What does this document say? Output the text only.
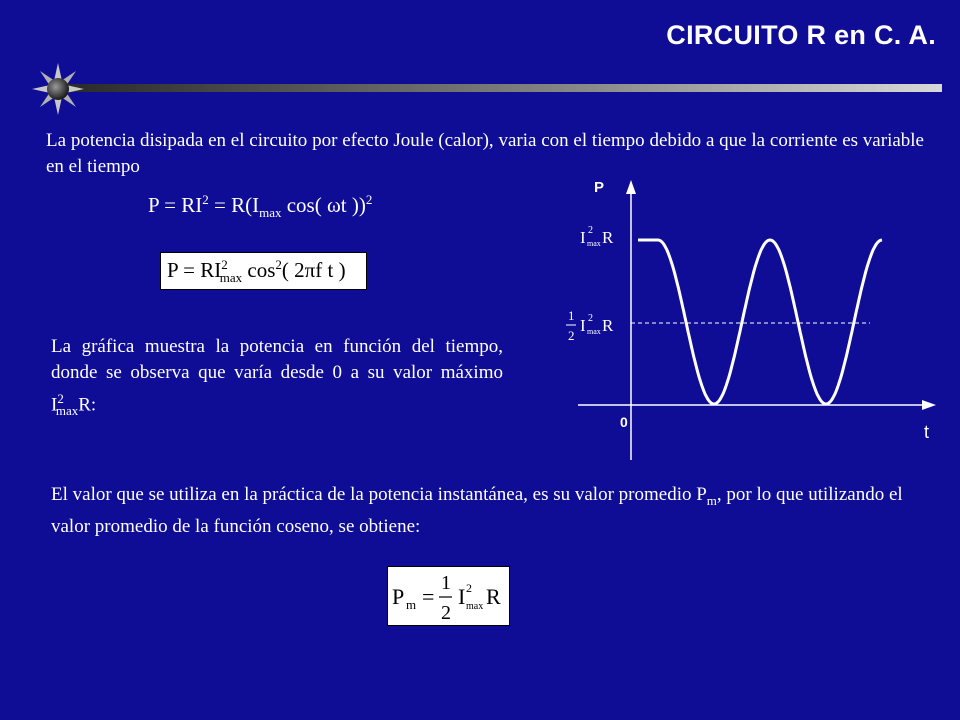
CIRCUITO R en C. A.
La potencia disipada en el circuito por efecto Joule (calor), varia con el tiempo debido a que la corriente es variable en el tiempo
$P = RI^2 = R(I_{max}$ cos( ωt ))$^2$
$P = RI^2_{max}$ $\cos^2$( 2πf t )
La gráfica muestra la potencia en función del tiempo, donde se observa que varía desde 0 a su valor máximo $I^2_{max}R$:
El valor que se utiliza en la práctica de la potencia instantánea, es su valor promedio $P_m$, por lo que utilizando el valor promedio de la función coseno, se obtiene:
P m =
1
2
I 2
max R
P
t
0
I 2
max R
1
2
I 2
max R
